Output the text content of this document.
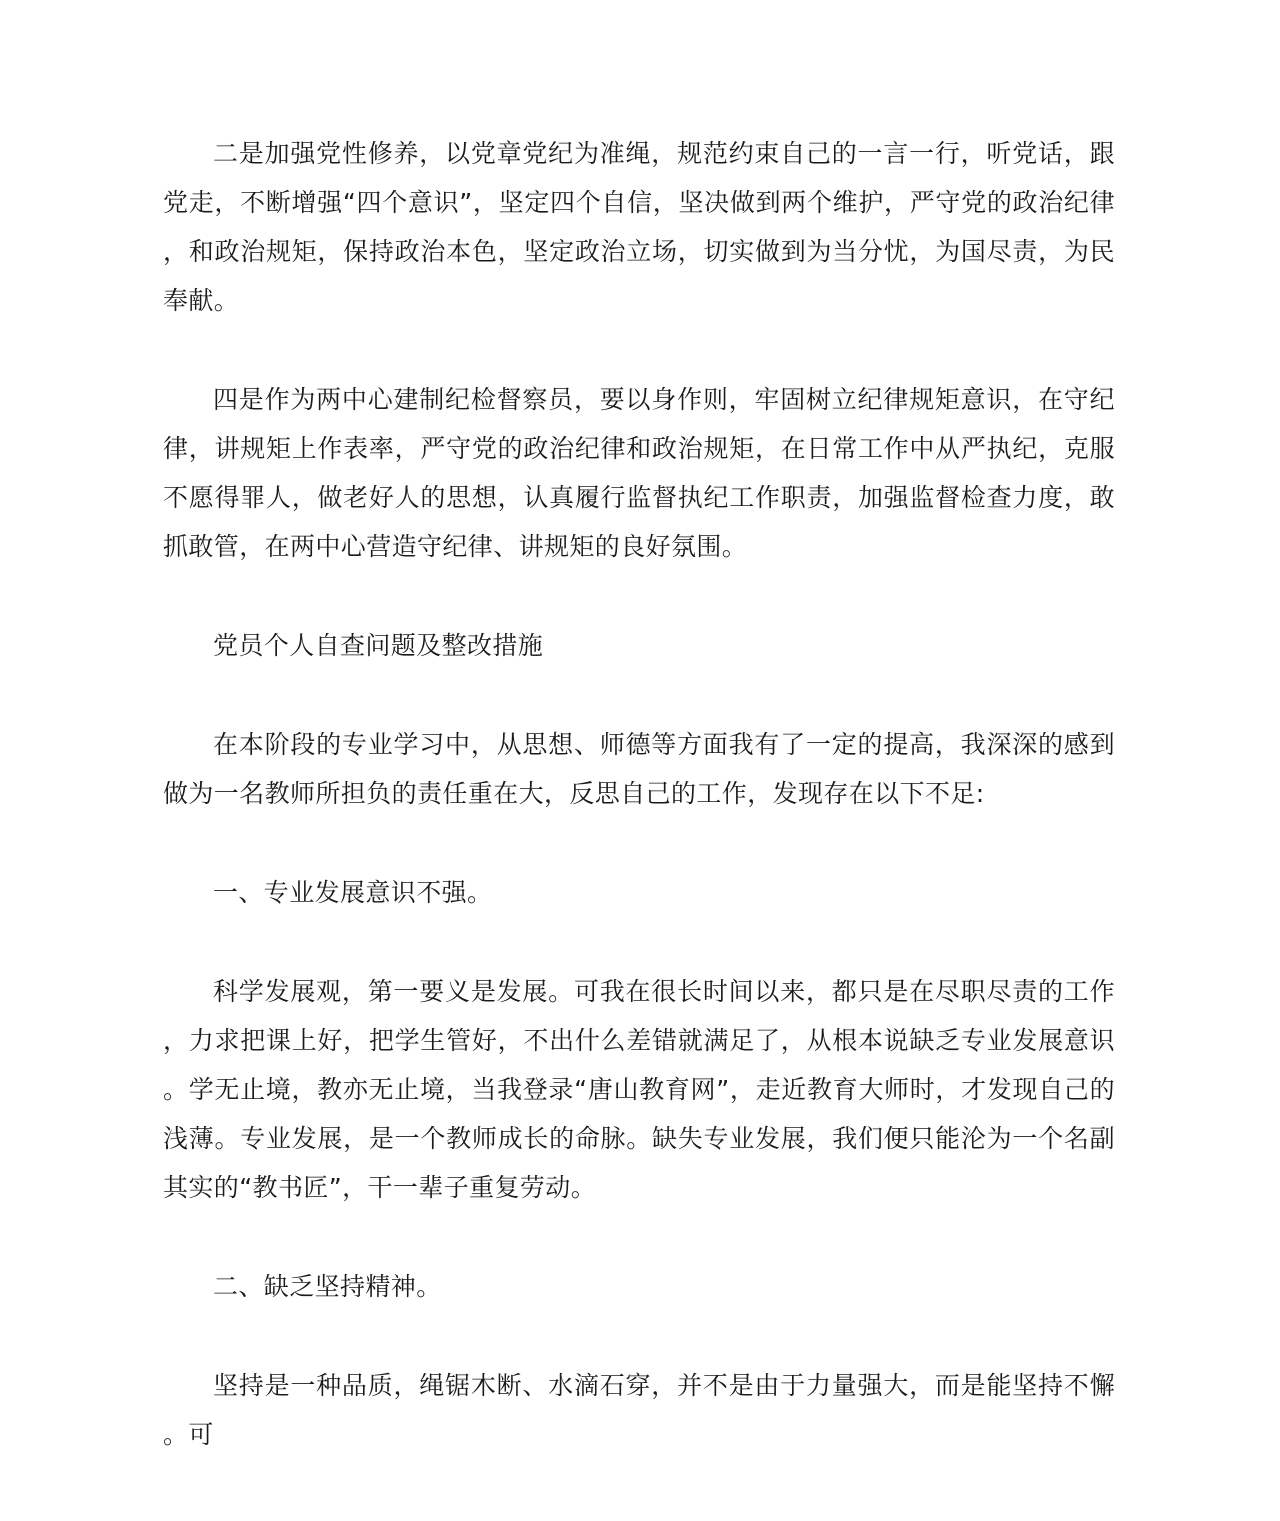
二是加强党性修养，以党章党纪为准绳，规范约束自己的一言一行，听党话，跟党走，不断增强“四个意识”，坚定四个自信，坚决做到两个维护，严守党的政治纪律，和政治规矩，保持政治本色，坚定政治立场，切实做到为当分忧，为国尽责，为民奉献。

四是作为两中心建制纪检督察员，要以身作则，牢固树立纪律规矩意识，在守纪律，讲规矩上作表率，严守党的政治纪律和政治规矩，在日常工作中从严执纪，克服不愿得罪人，做老好人的思想，认真履行监督执纪工作职责，加强监督检查力度，敢抓敢管，在两中心营造守纪律、讲规矩的良好氛围。

党员个人自查问题及整改措施

在本阶段的专业学习中，从思想、师德等方面我有了一定的提高，我深深的感到做为一名教师所担负的责任重在大，反思自己的工作，发现存在以下不足:

一、专业发展意识不强。

科学发展观，第一要义是发展。可我在很长时间以来，都只是在尽职尽责的工作，力求把课上好，把学生管好，不出什么差错就满足了，从根本说缺乏专业发展意识。学无止境，教亦无止境，当我登录“唐山教育网”，走近教育大师时，才发现自己的浅薄。专业发展，是一个教师成长的命脉。缺失专业发展，我们便只能沦为一个名副其实的“教书匠”，干一辈子重复劳动。

二、缺乏坚持精神。

坚持是一种品质，绳锯木断、水滴石穿，并不是由于力量强大，而是能坚持不懈。可
